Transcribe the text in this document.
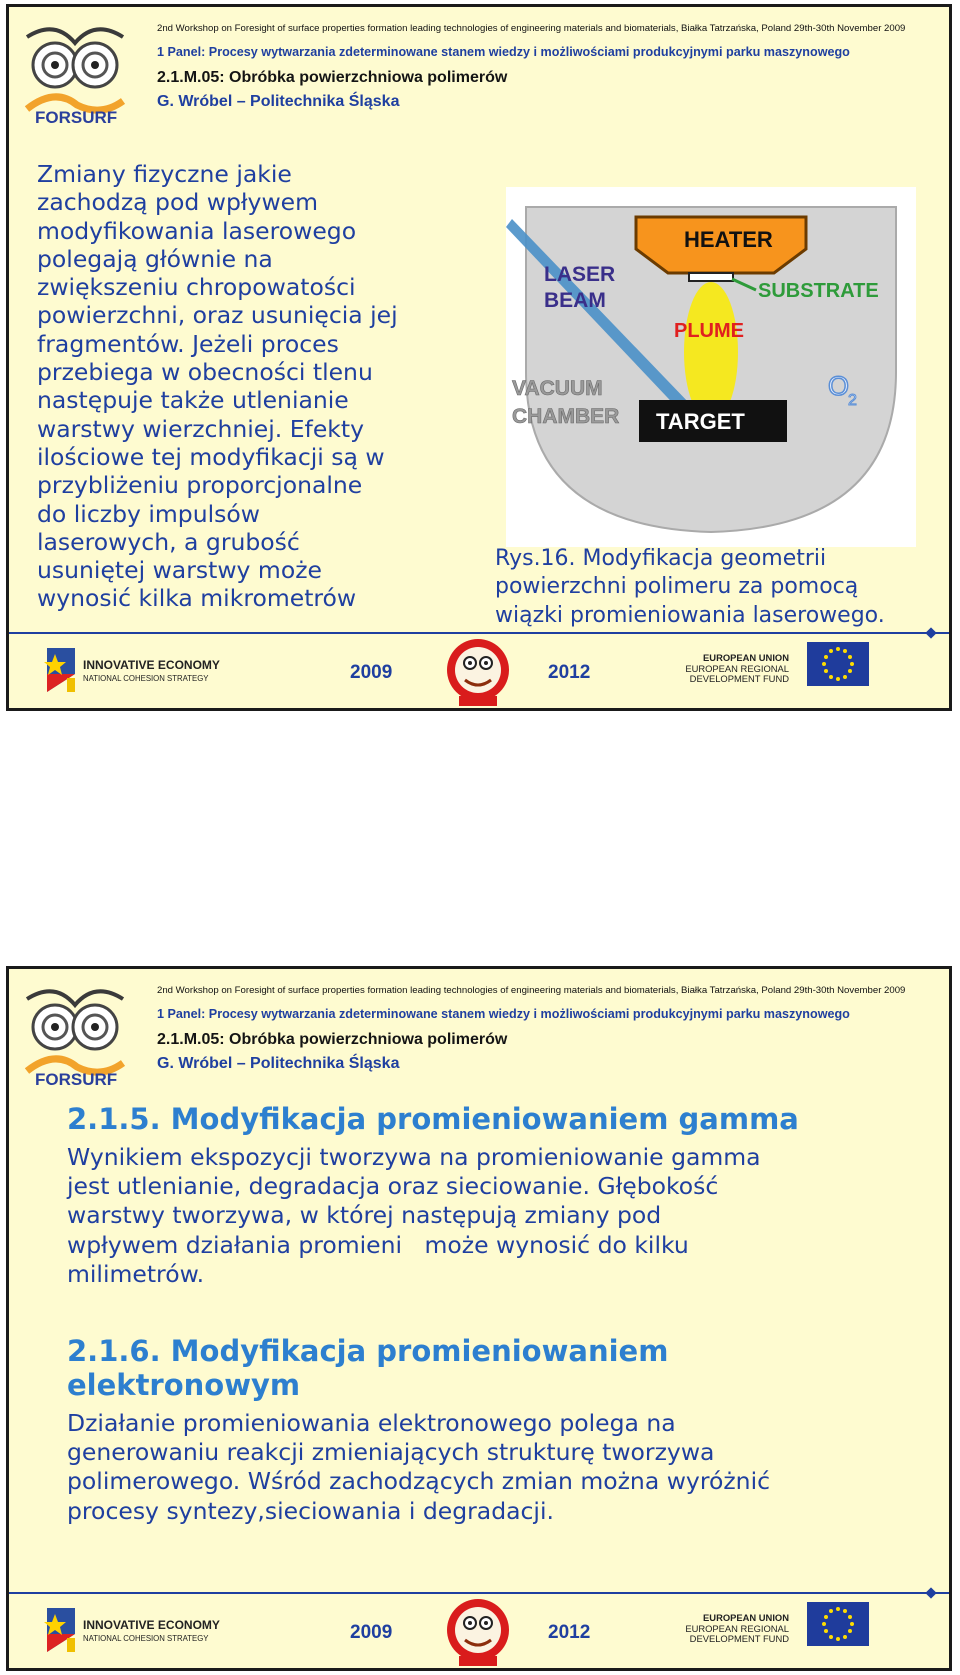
FORSURF
2nd Workshop on Foresight of surface properties formation leading technologies of engineering materials and biomaterials, Białka Tatrzańska, Poland 29th-30th November 2009
1 Panel: Procesy wytwarzania zdeterminowane stanem wiedzy i możliwościami produkcyjnymi parku maszynowego
2.1.M.05: Obróbka powierzchniowa polimerów
G. Wróbel – Politechnika Śląska
Zmiany fizyczne jakie
zachodzą pod wpływem
modyfikowania laserowego
polegają głównie na
zwiększeniu chropowatości
powierzchni, oraz usunięcia jej
fragmentów. Jeżeli proces
przebiega w obecności tlenu
następuje także utlenianie
warstwy wierzchniej. Efekty
ilościowe tej modyfikacji są w
przybliżeniu proporcjonalne
do liczby impulsów
laserowych, a grubość
usuniętej warstwy może
wynosić kilka mikrometrów
HEATER
PLUME
SUBSTRATE
LASER
BEAM
TARGET
VACUUM
CHAMBER
O
2
Rys.16. Modyfikacja geometrii
powierzchni polimeru za pomocą
wiązki promieniowania laserowego.
INNOVATIVE ECONOMY
NATIONAL COHESION STRATEGY	2009	2012
EUROPEAN UNION
EUROPEAN REGIONAL
DEVELOPMENT FUND
FORSURF
2nd Workshop on Foresight of surface properties formation leading technologies of engineering materials and biomaterials, Białka Tatrzańska, Poland 29th-30th November 2009
1 Panel: Procesy wytwarzania zdeterminowane stanem wiedzy i możliwościami produkcyjnymi parku maszynowego
2.1.M.05: Obróbka powierzchniowa polimerów
G. Wróbel – Politechnika Śląska
2.1.5. Modyfikacja promieniowaniem gamma
Wynikiem ekspozycji tworzywa na promieniowanie gamma
jest utlenianie, degradacja oraz sieciowanie. Głębokość
warstwy tworzywa, w której następują zmiany pod
wpływem działania promieni   może wynosić do kilku
milimetrów.
2.1.6. Modyfikacja promieniowaniem
elektronowym
Działanie promieniowania elektronowego polega na
generowaniu reakcji zmieniających strukturę tworzywa
polimerowego. Wśród zachodzących zmian można wyróżnić
procesy syntezy,sieciowania i degradacji.
INNOVATIVE ECONOMY
NATIONAL COHESION STRATEGY	2009	2012
EUROPEAN UNION
EUROPEAN REGIONAL
DEVELOPMENT FUND
